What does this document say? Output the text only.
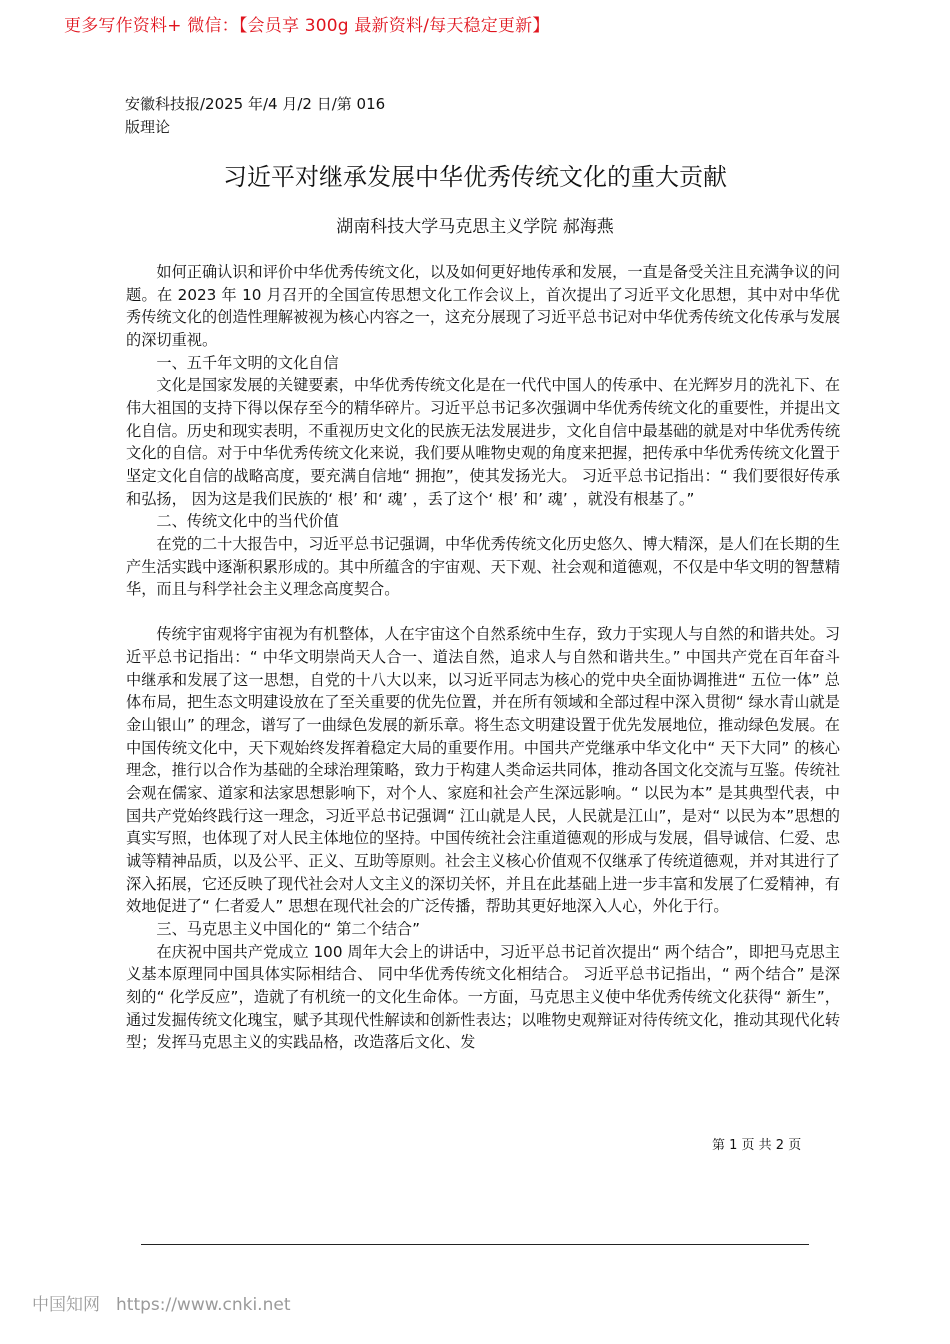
更多写作资料+ 微信：【会员享 300g 最新资料/每天稳定更新】
安徽科技报/2025 年/4 月/2 日/第 016
版理论
习近平对继承发展中华优秀传统文化的重大贡献
湖南科技大学马克思主义学院 郝海燕

如何正确认识和评价中华优秀传统文化，以及如何更好地传承和发展，一直是备受关注且充满争议的问题。在 2023 年 10 月召开的全国宣传思想文化工作会议上，首次提出了习近平文化思想，其中对中华优秀传统文化的创造性理解被视为核心内容之一，这充分展现了习近平总书记对中华优秀传统文化传承与发展的深切重视。

一、五千年文明的文化自信

文化是国家发展的关键要素，中华优秀传统文化是在一代代中国人的传承中、在光辉岁月的洗礼下、在伟大祖国的支持下得以保存至今的精华碎片。习近平总书记多次强调中华优秀传统文化的重要性，并提出文化自信。历史和现实表明，不重视历史文化的民族无法发展进步，文化自信中最基础的就是对中华优秀传统文化的自信。对于中华优秀传统文化来说，我们要从唯物史观的角度来把握，把传承中华优秀传统文化置于坚定文化自信的战略高度，要充满自信地“ 拥抱”，使其发扬光大。 习近平总书记指出：“ 我们要很好传承和弘扬， 因为这是我们民族的‘ 根’ 和‘ 魂’ ，丢了这个‘ 根’ 和’ 魂’ ，就没有根基了。”

二、传统文化中的当代价值

在党的二十大报告中，习近平总书记强调，中华优秀传统文化历史悠久、博大精深，是人们在长期的生产生活实践中逐渐积累形成的。其中所蕴含的宇宙观、天下观、社会观和道德观，不仅是中华文明的智慧精华，而且与科学社会主义理念高度契合。

传统宇宙观将宇宙视为有机整体，人在宇宙这个自然系统中生存，致力于实现人与自然的和谐共处。习近平总书记指出：“ 中华文明崇尚天人合一、道法自然，追求人与自然和谐共生。” 中国共产党在百年奋斗中继承和发展了这一思想，自党的十八大以来，以习近平同志为核心的党中央全面协调推进“ 五位一体” 总体布局，把生态文明建设放在了至关重要的优先位置，并在所有领域和全部过程中深入贯彻“ 绿水青山就是金山银山” 的理念，谱写了一曲绿色发展的新乐章。将生态文明建设置于优先发展地位，推动绿色发展。在中国传统文化中，天下观始终发挥着稳定大局的重要作用。中国共产党继承中华文化中“ 天下大同” 的核心理念，推行以合作为基础的全球治理策略，致力于构建人类命运共同体，推动各国文化交流与互鉴。传统社会观在儒家、道家和法家思想影响下，对个人、家庭和社会产生深远影响。“ 以民为本” 是其典型代表，中国共产党始终践行这一理念，习近平总书记强调“ 江山就是人民，人民就是江山”，是对“ 以民为本”思想的真实写照，也体现了对人民主体地位的坚持。中国传统社会注重道德观的形成与发展，倡导诚信、仁爱、忠诚等精神品质，以及公平、正义、互助等原则。社会主义核心价值观不仅继承了传统道德观，并对其进行了深入拓展，它还反映了现代社会对人文主义的深切关怀，并且在此基础上进一步丰富和发展了仁爱精神，有效地促进了“ 仁者爱人” 思想在现代社会的广泛传播，帮助其更好地深入人心，外化于行。

三、马克思主义中国化的“ 第二个结合”

在庆祝中国共产党成立 100 周年大会上的讲话中，习近平总书记首次提出“ 两个结合”，即把马克思主义基本原理同中国具体实际相结合、 同中华优秀传统文化相结合。 习近平总书记指出，“ 两个结合” 是深刻的“ 化学反应”，造就了有机统一的文化生命体。一方面，马克思主义使中华优秀传统文化获得“ 新生”，通过发掘传统文化瑰宝，赋予其现代性解读和创新性表达；以唯物史观辩证对待传统文化，推动其现代化转型；发挥马克思主义的实践品格，改造落后文化、发

第 1 页 共 2 页
中国知网 https://www.cnki.net
